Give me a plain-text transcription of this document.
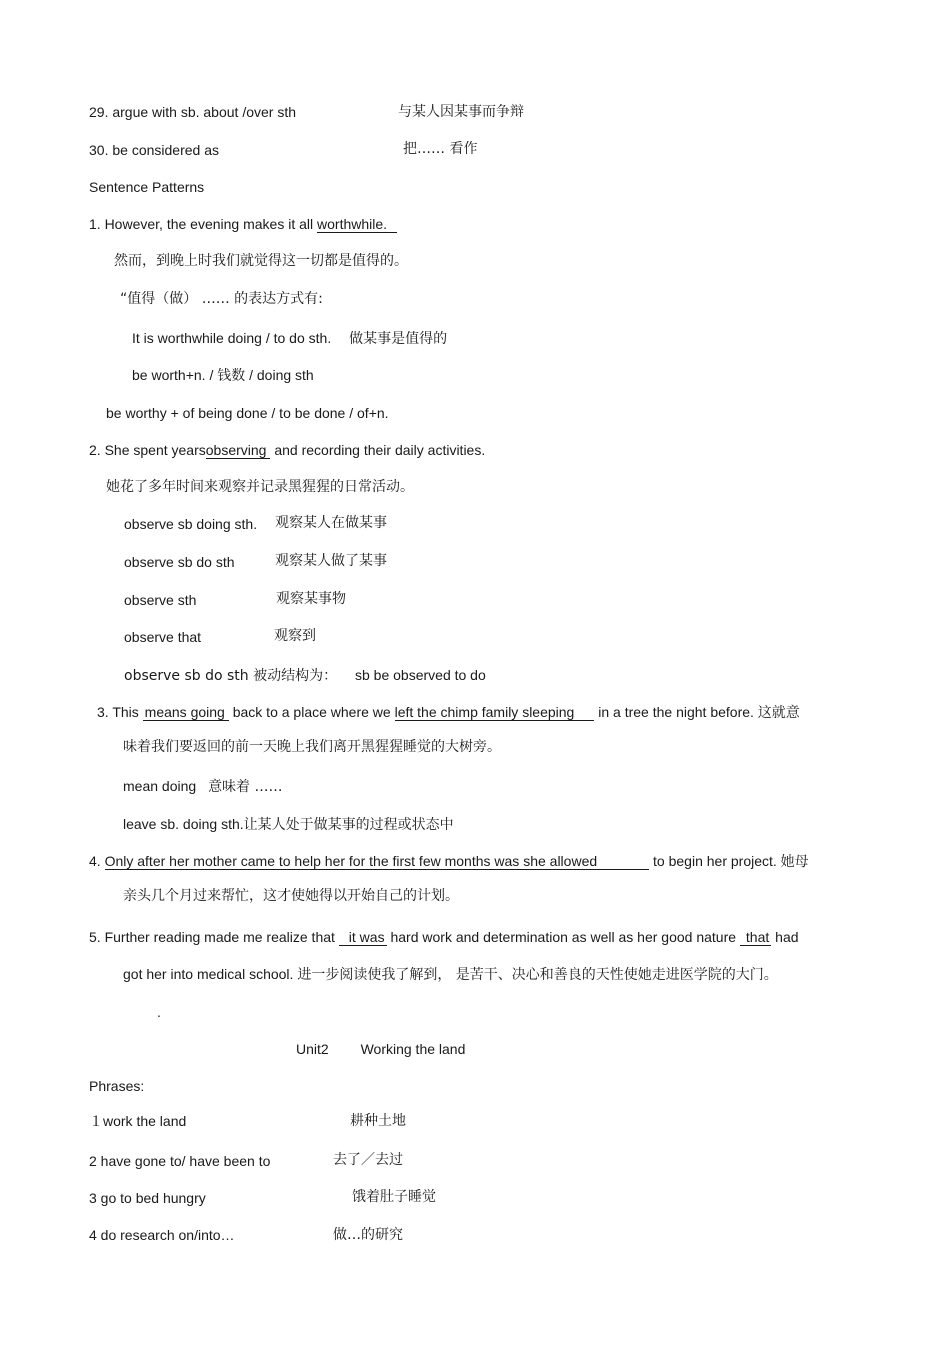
29. argue with sb. about /over sth	与某人因某事而争辩
30. be considered as	把…… 看作
Sentence Patterns
1. However, the evening makes it all worthwhile.
然而，到晚上时我们就觉得这一切都是值得的。
“值得（做） …… 的表达方式有:
It is worthwhile doing / to do sth. 做某事是值得的
be worth+n. / 钱数 / doing sth
be worthy + of being done / to be done / of+n.
2. She spent yearsobserving and recording their daily activities.
她花了多年时间来观察并记录黑猩猩的日常活动。
observe sb doing sth. 观察某人在做某事
observe sb do sth	观察某人做了某事
observe sth	观察某事物
observe that	观察到
observe sb do sth 被动结构为： sb be observed to do
3. This means going back to a place where we left the chimp family sleeping in a tree the night before. 这就意
味着我们要返回的前一天晚上我们离开黑猩猩睡觉的大树旁。
mean doing 意味着 ……
leave sb. doing sth.让某人处于做某事的过程或状态中
4. Only after her mother came to help her for the first few months was she allowed	to begin her project. 她母
亲头几个月过来帮忙，这才使她得以开始自己的计划。
5. Further reading made me realize that it was hard work and determination as well as her good nature that had
got her into medical school. 进一步阅读使我了解到， 是苦干、决心和善良的天性使她走进医学院的大门。
.
Unit2 Working the land
Phrases:
１work the land	耕种土地
2 have gone to/ have been to	去了／去过
3 go to bed hungry	饿着肚子睡觉
4 do research on/into…	做…的研究
